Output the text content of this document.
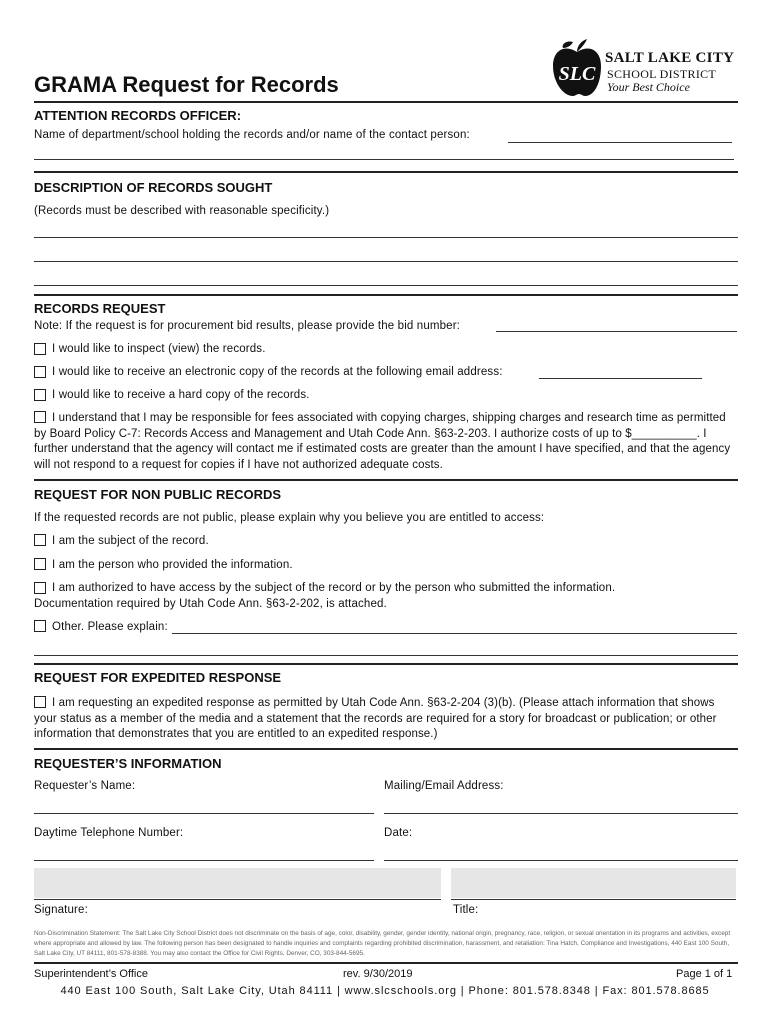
GRAMA Request for Records	SLC
SALT LAKE CITY
SCHOOL DISTRICT
Your Best Choice
ATTENTION RECORDS OFFICER:
Name of department/school holding the records and/or name of the contact person:
DESCRIPTION OF RECORDS SOUGHT
(Records must be described with reasonable specificity.)
RECORDS REQUEST
Note: If the request is for procurement bid results, please provide the bid number:
I would like to inspect (view) the records.
I would like to receive an electronic copy of the records at the following email address:
I would like to receive a hard copy of the records.
I understand that I may be responsible for fees associated with copying charges, shipping charges and research time as permitted by Board Policy C-7: Records Access and Management and Utah Code Ann. §63-2-203. I authorize costs of up to $__________. I further understand that the agency will contact me if estimated costs are greater than the amount I have specified, and that the agency will not respond to a request for copies if I have not authorized adequate costs.
REQUEST FOR NON PUBLIC RECORDS
If the requested records are not public, please explain why you believe you are entitled to access:
I am the subject of the record.
I am the person who provided the information.
I am authorized to have access by the subject of the record or by the person who submitted the information.
Documentation required by Utah Code Ann. §63-2-202, is attached.
Other. Please explain:
REQUEST FOR EXPEDITED RESPONSE
I am requesting an expedited response as permitted by Utah Code Ann. §63-2-204 (3)(b). (Please attach information that shows your status as a member of the media and a statement that the records are required for a story for broadcast or publication; or other information that demonstrates that you are entitled to an expedited response.)
REQUESTER’S INFORMATION
Requester’s Name:	Mailing/Email Address:
Daytime Telephone Number:	Date:
Signature:	Title:
Non-Discrimination Statement: The Salt Lake City School District does not discriminate on the basis of age, color, disability, gender, gender identity, national origin, pregnancy, race, religion, or sexual orientation in its programs and activities, except where appropriate and allowed by law. The following person has been designated to handle inquiries and complaints regarding prohibited discrimination, harassment, and retaliation: Tina Hatch, Compliance and Investigations, 440 East 100 South, Salt Lake City, UT 84111, 801-578-8388. You may also contact the Office for Civil Rights, Denver, CO, 303-844-5695.
Superintendent’s Office	rev. 9/30/2019	Page 1 of 1
440 East 100 South, Salt Lake City, Utah 84111 | www.slcschools.org | Phone: 801.578.8348 | Fax: 801.578.8685
